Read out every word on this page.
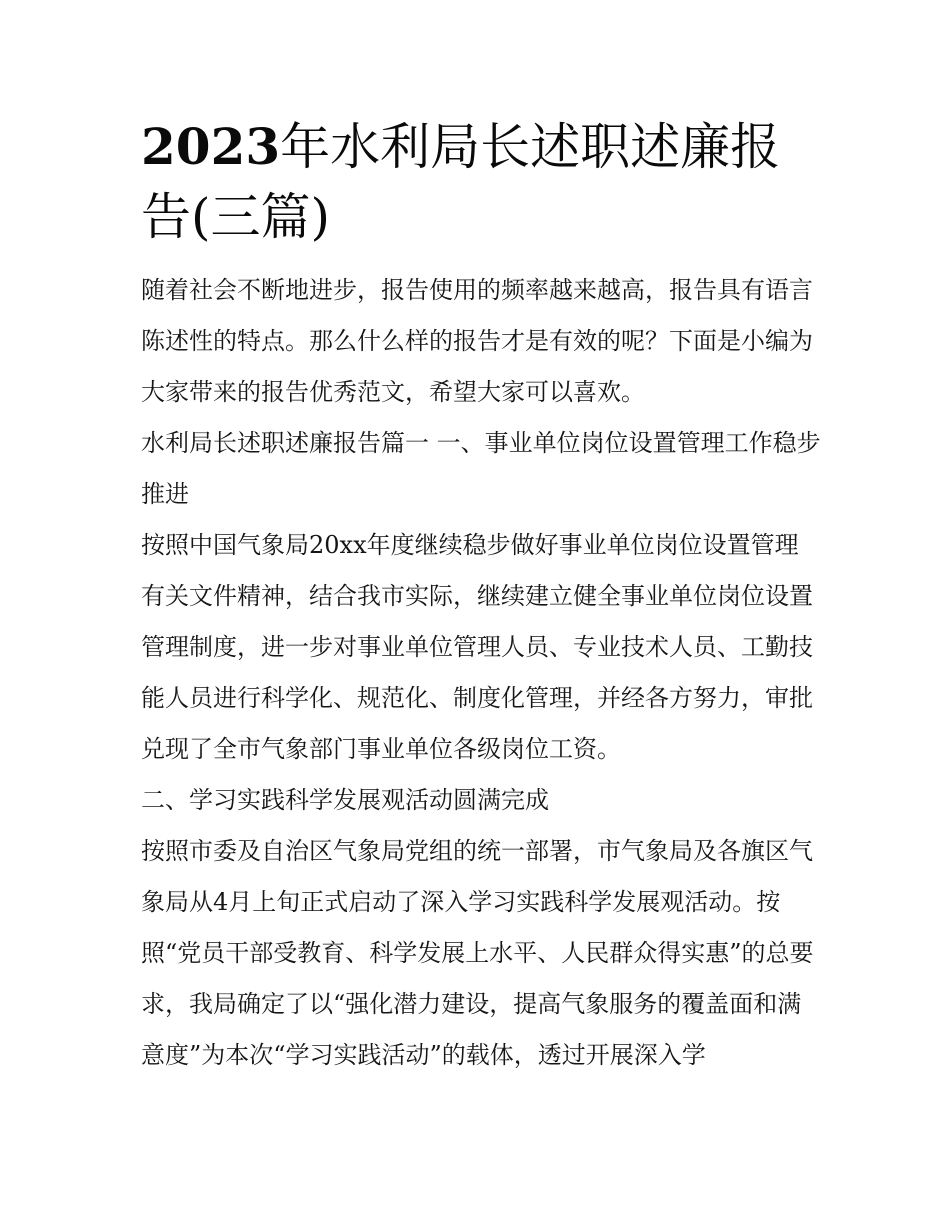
2023年水利局长述职述廉报告(三篇)

随着社会不断地进步，报告使用的频率越来越高，报告具有语言陈述性的特点。那么什么样的报告才是有效的呢？下面是小编为大家带来的报告优秀范文，希望大家可以喜欢。

水利局长述职述廉报告篇一 一、事业单位岗位设置管理工作稳步推进

按照中国气象局20xx年度继续稳步做好事业单位岗位设置管理有关文件精神，结合我市实际，继续建立健全事业单位岗位设置管理制度，进一步对事业单位管理人员、专业技术人员、工勤技能人员进行科学化、规范化、制度化管理，并经各方努力，审批兑现了全市气象部门事业单位各级岗位工资。

二、学习实践科学发展观活动圆满完成

按照市委及自治区气象局党组的统一部署，市气象局及各旗区气象局从4月上旬正式启动了深入学习实践科学发展观活动。按照“党员干部受教育、科学发展上水平、人民群众得实惠”的总要求，我局确定了以“强化潜力建设，提高气象服务的覆盖面和满意度”为本次“学习实践活动”的载体，透过开展深入学
